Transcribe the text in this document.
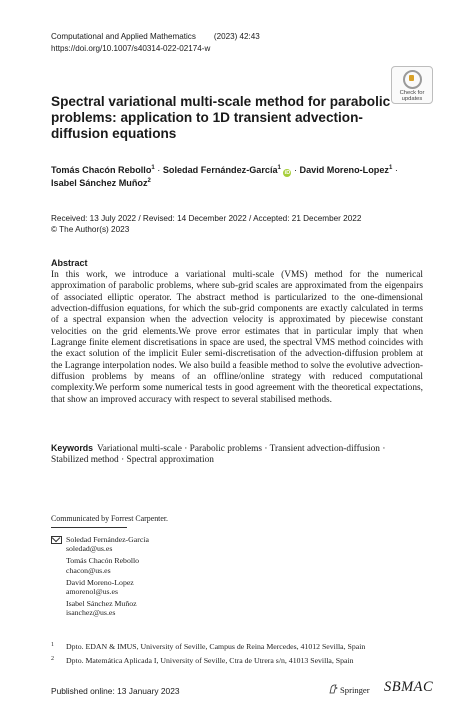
Computational and Applied Mathematics (2023) 42:43
https://doi.org/10.1007/s40314-022-02174-w
Check for
updates
Spectral variational multi-scale method for parabolic problems: application to 1D transient advection-diffusion equations
Tomás Chacón Rebollo$^1$ · Soledad Fernández-García$^1$ iD · David Moreno-Lopez$^1$ ·
Isabel Sánchez Muñoz$^2$
Received: 13 July 2022 / Revised: 14 December 2022 / Accepted: 21 December 2022
© The Author(s) 2023
Abstract

In this work, we introduce a variational multi-scale (VMS) method for the numerical approximation of parabolic problems, where sub-grid scales are approximated from the eigenpairs of associated elliptic operator. The abstract method is particularized to the one-dimensional advection-diffusion equations, for which the sub-grid components are exactly calculated in terms of a spectral expansion when the advection velocity is approximated by piecewise constant velocities on the grid elements.We prove error estimates that in particular imply that when Lagrange finite element discretisations in space are used, the spectral VMS method coincides with the exact solution of the implicit Euler semi-discretisation of the advection-diffusion problem at the Lagrange interpolation nodes. We also build a feasible method to solve the evolutive advection-diffusion problems by means of an offline/online strategy with reduced computational complexity.We perform some numerical tests in good agreement with the theoretical expectations, that show an improved accuracy with respect to several stabilised methods.

Keywords Variational multi-scale · Parabolic problems · Transient advection-diffusion · Stabilized method · Spectral approximation
Communicated by Forrest Carpenter.
Soledad Fernández-García
soledad@us.es
Tomás Chacón Rebollo
chacon@us.es
David Moreno-Lopez
amorenol@us.es
Isabel Sánchez Muñoz
isanchez@us.es
1 Dpto. EDAN & IMUS, University of Seville, Campus de Reina Mercedes, 41012 Sevilla, Spain
2 Dpto. Matemática Aplicada I, University of Seville, Ctra de Utrera s/n, 41013 Sevilla, Spain
Published online: 13 January 2023	Springer SBMAC
